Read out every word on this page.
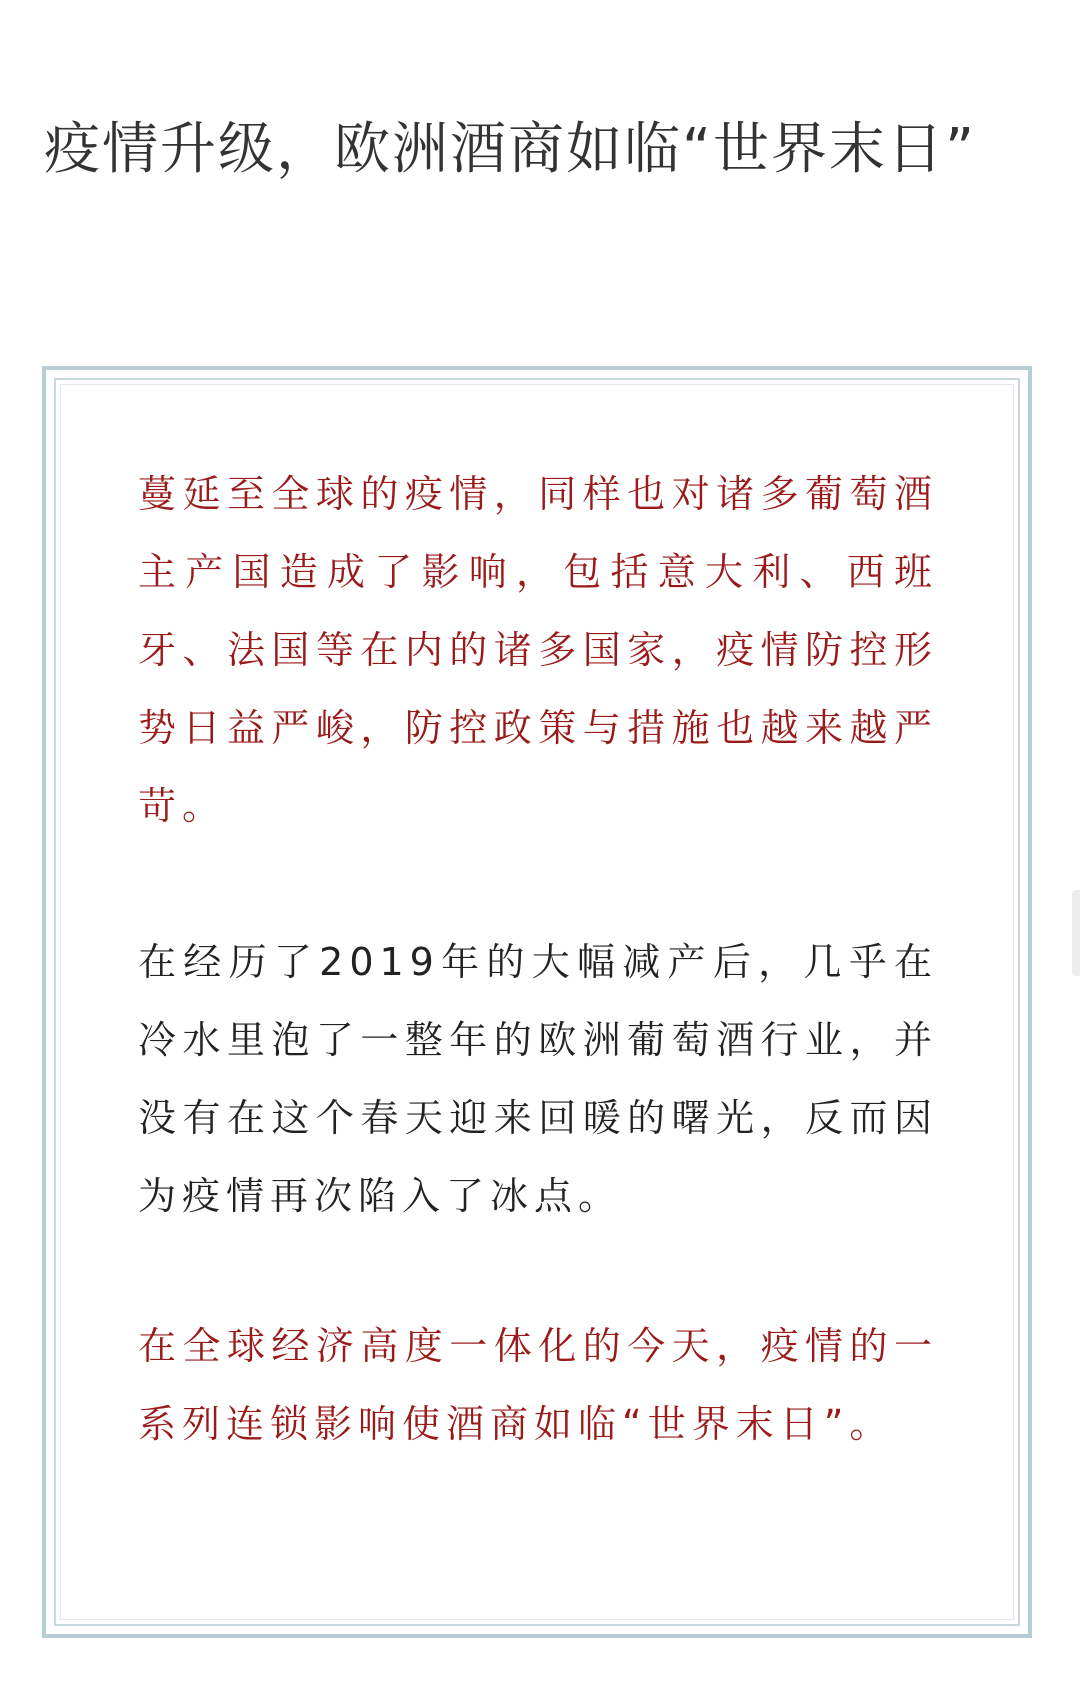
疫情升级，欧洲酒商如临“世界末日”

蔓延至全球的疫情，同样也对诸多葡萄酒主产国造成了影响，包括意大利、西班牙、法国等在内的诸多国家，疫情防控形势日益严峻，防控政策与措施也越来越严苛。

在经历了2019年的大幅减产后，几乎在冷水里泡了一整年的欧洲葡萄酒行业，并没有在这个春天迎来回暖的曙光，反而因为疫情再次陷入了冰点。

在全球经济高度一体化的今天，疫情的一系列连锁影响使酒商如临“世界末日”。
